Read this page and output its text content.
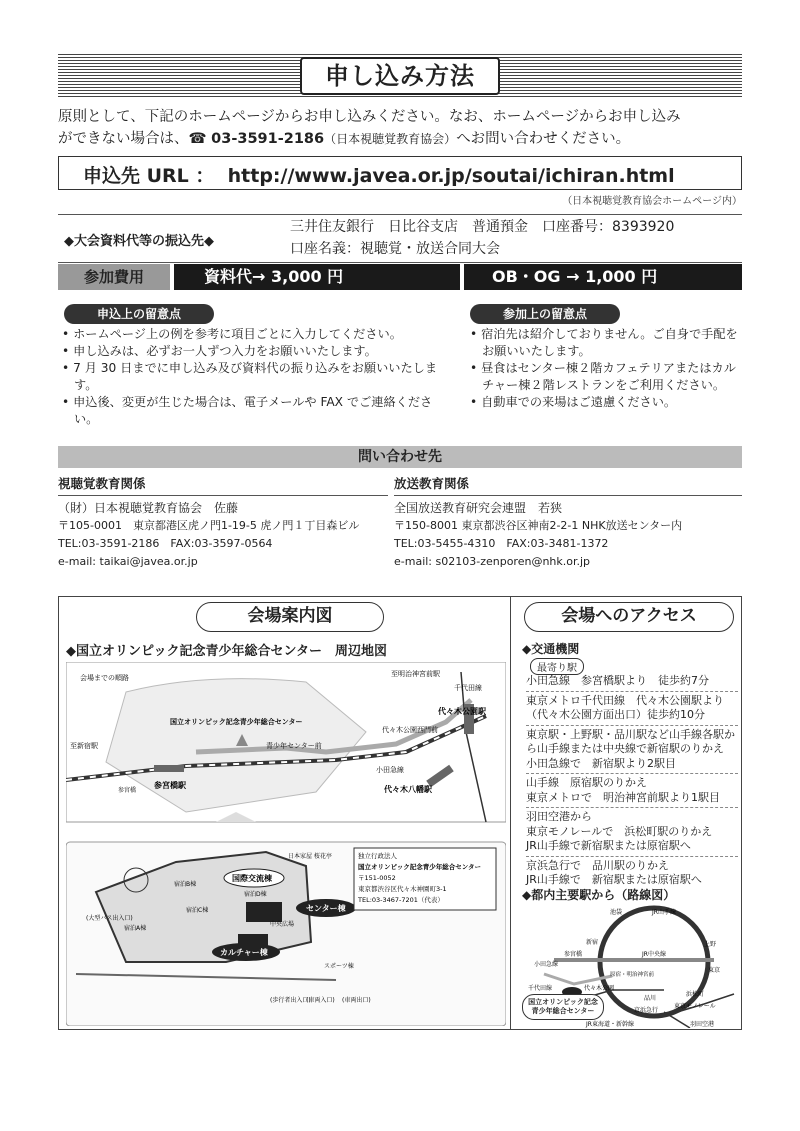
申し込み方法
原則として、下記のホームページからお申し込みください。なお、ホームページからお申し込み
ができない場合は、☎ 03-3591-2186（日本視聴覚教育協会）へお問い合わせください。
申込先 URL ： http://www.javea.or.jp/soutai/ichiran.html
（日本視聴覚教育協会ホームページ内）
◆大会資料代等の振込先◆
三井住友銀行　日比谷支店　普通預金　口座番号：8393920
口座名義：視聴覚・放送合同大会
参加費用	資料代→ 3,000 円	OB・OG → 1,000 円
申込上の留意点
• ホームページ上の例を参考に項目ごとに入力してください。
• 申し込みは、必ずお一人ずつ入力をお願いいたします。
• 7 月 30 日までに申し込み及び資料代の振り込みをお願いいたします。
• 申込後、変更が生じた場合は、電子メールや FAX でご連絡ください。
参加上の留意点
• 宿泊先は紹介しておりません。ご自身で手配をお願いいたします。
• 昼食はセンター棟２階カフェテリアまたはカルチャー棟２階レストランをご利用ください。
• 自動車での来場はご遠慮ください。
問い合わせ先
視聴覚教育関係
（財）日本視聴覚教育協会　佐藤
〒105-0001　東京都港区虎ノ門1-19-5 虎ノ門１丁目森ビル
TEL:03-3591-2186　FAX:03-3597-0564
e-mail: taikai@javea.or.jp
放送教育関係
全国放送教育研究会連盟　若狭
〒150-8001 東京都渋谷区神南2-2-1 NHK放送センター内
TEL:03-5455-4310　FAX:03-3481-1372
e-mail: s02103-zenporen@nhk.or.jp
会場案内図
◆国立オリンピック記念青少年総合センター　周辺地図
会場までの順路	至明治神宮前駅
千代田線
代々木公園駅
国立オリンピック記念青少年総合センター
青少年センター前
代々木公園西門前
至新宿駅
参宮橋駅
参宮橋
小田急線
代々木八幡駅
国際交流棟
センター棟
カルチャー棟
スポーツ棟
宿泊B棟
宿泊C棟
宿泊D棟
宿泊A棟
中央広場
(大型バス出入口)
(歩行者出入口)
(車両入口) (車両出口)
日本家屋 桜花亭	独立行政法人
国立オリンピック記念青少年総合センター
〒151-0052
東京都渋谷区代々木神園町3-1
TEL:03-3467-7201（代表）
会場へのアクセス
◆交通機関
最寄り駅
小田急線　参宮橋駅より　徒歩約7分
東京メトロ千代田線　代々木公園駅より
（代々木公園方面出口）徒歩約10分
東京駅・上野駅・品川駅など山手線各駅から山手線または中央線で新宿駅のりかえ
小田急線で　新宿駅より2駅目
山手線　原宿駅のりかえ
東京メトロで　明治神宮前駅より1駅目
羽田空港から
東京モノレールで　浜松町駅のりかえ
JR山手線で新宿駅または原宿駅へ
京浜急行で　品川駅のりかえ
JR山手線で　新宿駅または原宿駅へ
◆都内主要駅から（路線図）
池袋	JR山手線
新宿
JR中央線
上野
小田急線
参宮橋
代々木公園
千代田線
原宿・明治神宮前
東京
浜松町
東京モノレール
品川
京浜急行
羽田空港
JR東海道・新幹線
国立オリンピック記念青少年総合センター
